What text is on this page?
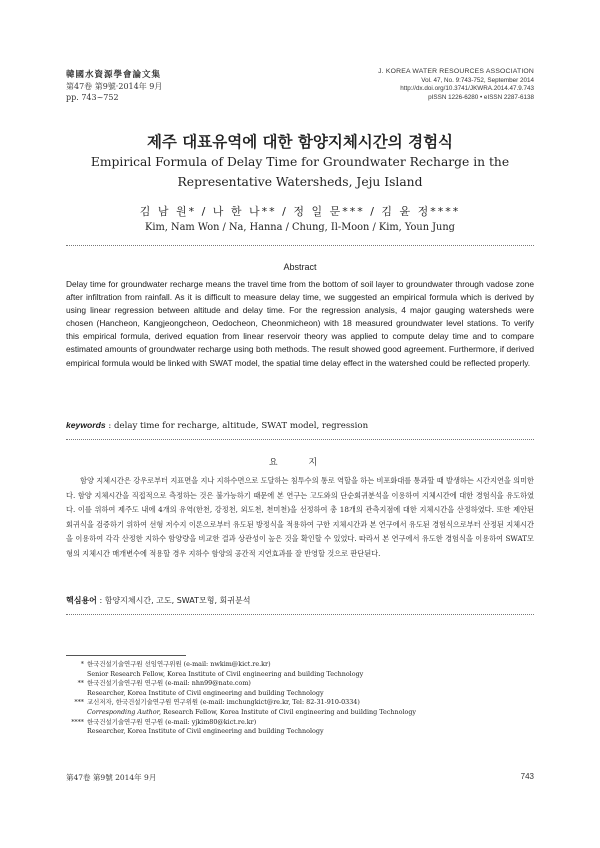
韓國水資源學會論文集
第47卷 第9號·2014年 9月
pp. 743~752
J. KOREA WATER RESOURCES ASSOCIATION
Vol. 47, No. 9:743-752, September 2014
http://dx.doi.org/10.3741/JKWRA.2014.47.9.743
pISSN 1226-6280 • eISSN 2287-6138
제주 대표유역에 대한 함양지체시간의 경험식
Empirical Formula of Delay Time for Groundwater Recharge in the
Representative Watersheds, Jeju Island
김 남 원* / 나 한 나** / 정 일 문*** / 김 윤 정****
Kim, Nam Won / Na, Hanna / Chung, Il-Moon / Kim, Youn Jung
Abstract
Delay time for groundwater recharge means the travel time from the bottom of soil layer to groundwater through vadose zone after infiltration from rainfall. As it is difficult to measure delay time, we suggested an empirical formula which is derived by using linear regression between altitude and delay time. For the regression analysis, 4 major gauging watersheds were chosen (Hancheon, Kangjeongcheon, Oedocheon, Cheonmicheon) with 18 measured groundwater level stations. To verify this empirical formula, derived equation from linear reservoir theory was applied to compute delay time and to compare estimated amounts of groundwater recharge using both methods. The result showed good agreement. Furthermore, if derived empirical formula would be linked with SWAT model, the spatial time delay effect in the watershed could be reflected properly.
keywords : delay time for recharge, altitude, SWAT model, regression
요 지
함양 지체시간은 강우로부터 지표면을 지나 지하수면으로 도달하는 침투수의 통로 역할을 하는 비포화대를 통과할 때 발생하는 시간지연을 의미한다. 함양 지체시간을 직접적으로 측정하는 것은 불가능하기 때문에 본 연구는 고도와의 단순회귀분석을 이용하여 지체시간에 대한 경험식을 유도하였다. 이를 위하여 제주도 내에 4개의 유역(한천, 강정천, 외도천, 천미천)을 선정하여 총 18개의 관측지점에 대한 지체시간을 산정하였다. 또한 제안된 회귀식을 검증하기 위하여 선형 저수지 이론으로부터 유도된 방정식을 적용하여 구한 지체시간과 본 연구에서 유도된 경험식으로부터 산정된 지체시간을 이용하여 각각 산정한 지하수 함양량을 비교한 결과 상관성이 높은 것을 확인할 수 있었다. 따라서 본 연구에서 유도한 경험식을 이용하여 SWAT모형의 지체시간 매개변수에 적용할 경우 지하수 함양의 공간적 지연효과를 잘 반영할 것으로 판단된다.
핵심용어 : 함양지체시간, 고도, SWAT모형, 회귀분석
* 한국건설기술연구원 선임연구위원 (e-mail: nwkim@kict.re.kr)
Senior Research Fellow, Korea Institute of Civil engineering and building Technology
** 한국건설기술연구원 연구원 (e-mail: nhn99@nate.com)
Researcher, Korea Institute of Civil engineering and building Technology
*** 교신저자, 한국건설기술연구원 연구위원 (e-mail: imchungkict@re.kr, Tel: 82-31-910-0334)
Corresponding Author, Research Fellow, Korea Institute of Civil engineering and building Technology
**** 한국건설기술연구원 연구원 (e-mail: yjkim80@kict.re.kr)
Researcher, Korea Institute of Civil engineering and building Technology
第47卷 第9號 2014年 9月	743
